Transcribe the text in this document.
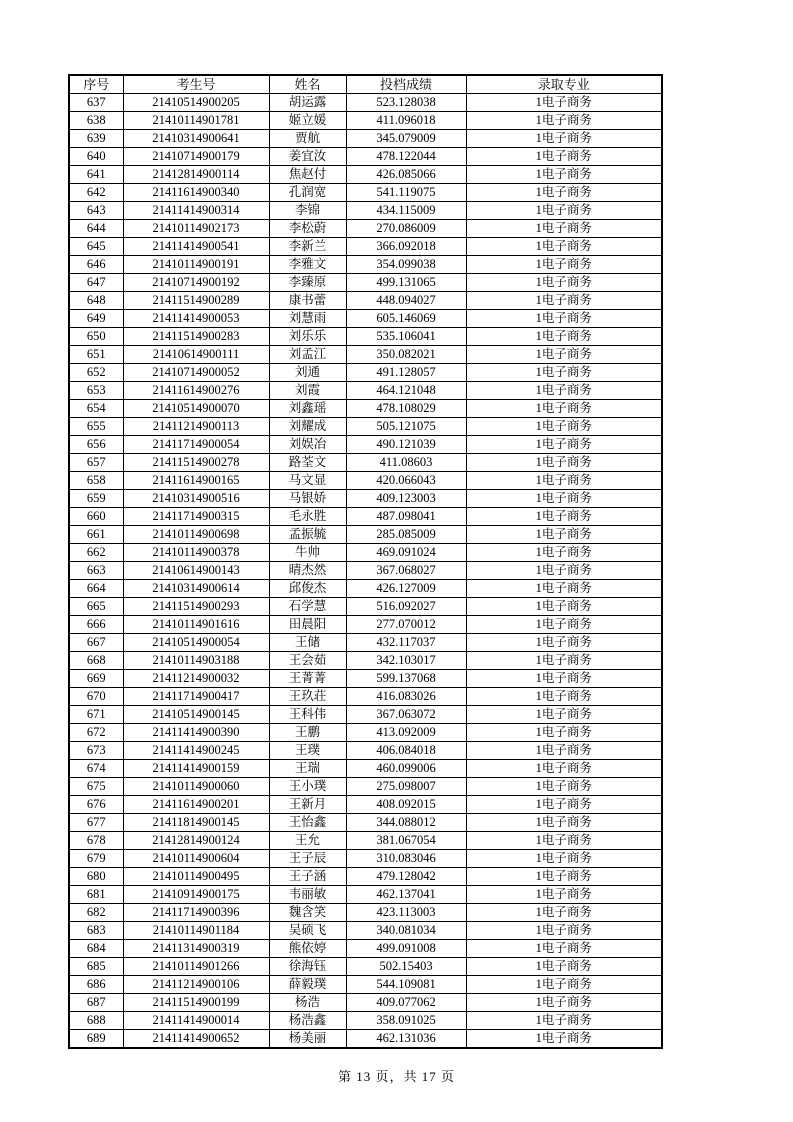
序号	考生号	姓名	投档成绩	录取专业
637	21410514900205	胡运露	523.128038	1电子商务
638	21410114901781	姬立媛	411.096018	1电子商务
639	21410314900641	贾航	345.079009	1电子商务
640	21410714900179	姜宜汝	478.122044	1电子商务
641	21412814900114	焦赵付	426.085066	1电子商务
642	21411614900340	孔润宽	541.119075	1电子商务
643	21411414900314	李锦	434.115009	1电子商务
644	21410114902173	李松蔚	270.086009	1电子商务
645	21411414900541	李新兰	366.092018	1电子商务
646	21410114900191	李雅文	354.099038	1电子商务
647	21410714900192	李臻原	499.131065	1电子商务
648	21411514900289	康书蕾	448.094027	1电子商务
649	21411414900053	刘慧雨	605.146069	1电子商务
650	21411514900283	刘乐乐	535.106041	1电子商务
651	21410614900111	刘孟江	350.082021	1电子商务
652	21410714900052	刘通	491.128057	1电子商务
653	21411614900276	刘霞	464.121048	1电子商务
654	21410514900070	刘鑫瑶	478.108029	1电子商务
655	21411214900113	刘耀成	505.121075	1电子商务
656	21411714900054	刘娱冶	490.121039	1电子商务
657	21411514900278	路荃文	411.08603	1电子商务
658	21411614900165	马文显	420.066043	1电子商务
659	21410314900516	马银娇	409.123003	1电子商务
660	21411714900315	毛永胜	487.098041	1电子商务
661	21410114900698	孟振毓	285.085009	1电子商务
662	21410114900378	牛帅	469.091024	1电子商务
663	21410614900143	晴杰然	367.068027	1电子商务
664	21410314900614	邱俊杰	426.127009	1电子商务
665	21411514900293	石学慧	516.092027	1电子商务
666	21410114901616	田晨阳	277.070012	1电子商务
667	21410514900054	王储	432.117037	1电子商务
668	21410114903188	王会茹	342.103017	1电子商务
669	21411214900032	王菁菁	599.137068	1电子商务
670	21411714900417	王玖荘	416.083026	1电子商务
671	21410514900145	王科伟	367.063072	1电子商务
672	21411414900390	王鹏	413.092009	1电子商务
673	21411414900245	王璞	406.084018	1电子商务
674	21411414900159	王瑞	460.099006	1电子商务
675	21410114900060	王小璞	275.098007	1电子商务
676	21411614900201	王新月	408.092015	1电子商务
677	21411814900145	王怡鑫	344.088012	1电子商务
678	21412814900124	王允	381.067054	1电子商务
679	21410114900604	王子辰	310.083046	1电子商务
680	21410114900495	王子涵	479.128042	1电子商务
681	21410914900175	韦丽敏	462.137041	1电子商务
682	21411714900396	魏含笑	423.113003	1电子商务
683	21410114901184	吴硕飞	340.081034	1电子商务
684	21411314900319	熊依婷	499.091008	1电子商务
685	21410114901266	徐海钰	502.15403	1电子商务
686	21411214900106	薛毅璞	544.109081	1电子商务
687	21411514900199	杨浩	409.077062	1电子商务
688	21411414900014	杨浩鑫	358.091025	1电子商务
689	21411414900652	杨美丽	462.131036	1电子商务
第 13 页，共 17 页
